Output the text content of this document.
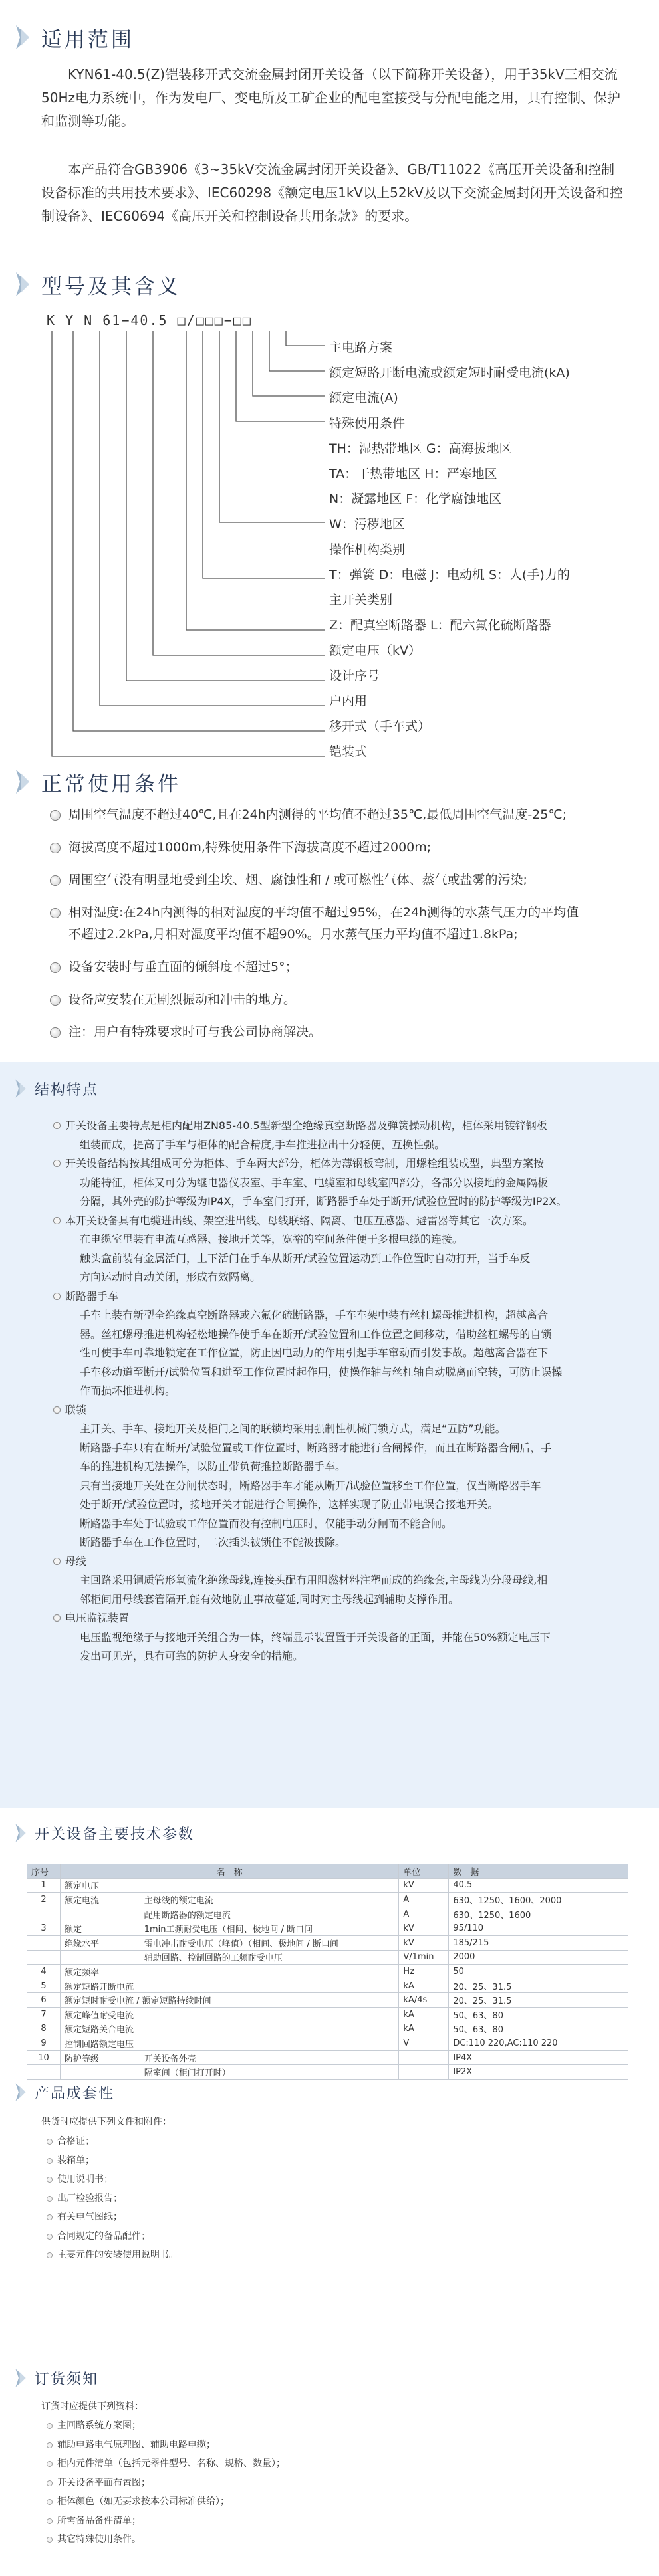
适用范围
KYN61-40.5(Z)铠装移开式交流金属封闭开关设备（以下简称开关设备），用于35kV三相交流50Hz电力系统中，作为发电厂、变电所及工矿企业的配电室接受与分配电能之用，具有控制、保护和监测等功能。
本产品符合GB3906《3~35kV交流金属封闭开关设备》、GB/T11022《高压开关设备和控制设备标准的共用技术要求》、IEC60298《额定电压1kV以上52kV及以下交流金属封闭开关设备和控制设备》、IEC60694《高压开关和控制设备共用条款》的要求。
型号及其含义
K Y N 61−40.5 □/□□□−□□
主电路方案
额定短路开断电流或额定短时耐受电流(kA)
额定电流(A)
特殊使用条件
TH：湿热带地区 G：高海拔地区
TA：干热带地区 H：严寒地区
N：凝露地区 F：化学腐蚀地区
W：污秽地区
操作机构类别
T：弹簧 D：电磁 J：电动机 S：人(手)力的
主开关类别
Z：配真空断路器 L：配六氟化硫断路器
额定电压（kV）
设计序号
户内用
移开式（手车式）
铠装式
正常使用条件
周围空气温度不超过40℃,且在24h内测得的平均值不超过35℃,最低周围空气温度-25℃;
海拔高度不超过1000m,特殊使用条件下海拔高度不超过2000m;
周围空气没有明显地受到尘埃、烟、腐蚀性和 / 或可燃性气体、蒸气或盐雾的污染;
相对湿度:在24h内测得的相对湿度的平均值不超过95%，在24h测得的水蒸气压力的平均值
不超过2.2kPa,月相对湿度平均值不超90%。月水蒸气压力平均值不超过1.8kPa;
设备安装时与垂直面的倾斜度不超过5°；
设备应安装在无剧烈振动和冲击的地方。
注：用户有特殊要求时可与我公司协商解决。
结构特点
开关设备主要特点是柜内配用ZN85-40.5型新型全绝缘真空断路器及弹簧操动机构，柜体采用镀锌钢板
组装而成，提高了手车与柜体的配合精度,手车推进拉出十分轻便，互换性强。
开关设备结构按其组成可分为柜体、手车两大部分，柜体为薄钢板弯制，用螺栓组装成型，典型方案按
功能特征，柜体又可分为继电器仪表室、手车室、电缆室和母线室四部分，各部分以接地的金属隔板
分隔，其外壳的防护等级为IP4X，手车室门打开，断路器手车处于断开/试验位置时的防护等级为IP2X。
本开关设备具有电缆进出线、架空进出线、母线联络、隔离、电压互感器、避雷器等其它一次方案。
在电缆室里装有电流互感器、接地开关等，宽裕的空间条件便于多根电缆的连接。
触头盒前装有金属活门，上下活门在手车从断开/试验位置运动到工作位置时自动打开，当手车反
方向运动时自动关闭，形成有效隔离。
断路器手车
手车上装有新型全绝缘真空断路器或六氟化硫断路器，手车车架中装有丝杠螺母推进机构，超越离合
器。丝杠螺母推进机构轻松地操作使手车在断开/试验位置和工作位置之间移动，借助丝杠螺母的自锁
性可使手车可靠地锁定在工作位置，防止因电动力的作用引起手车窜动而引发事故。超越离合器在下
手车移动道至断开/试验位置和进至工作位置时起作用，使操作轴与丝杠轴自动脱离而空转，可防止误操
作而损坏推进机构。
联锁
主开关、手车、接地开关及柜门之间的联锁均采用强制性机械门锁方式，满足“五防”功能。
断路器手车只有在断开/试验位置或工作位置时，断路器才能进行合闸操作，而且在断路器合闸后，手
车的推进机构无法操作，以防止带负荷推拉断路器手车。
只有当接地开关处在分闸状态时，断路器手车才能从断开/试验位置移至工作位置，仅当断路器手车
处于断开/试验位置时，接地开关才能进行合闸操作，这样实现了防止带电误合接地开关。
断路器手车处于试验或工作位置而没有控制电压时，仅能手动分闸而不能合闸。
断路器手车在工作位置时，二次插头被锁住不能被拔除。
母线
主回路采用铜质管形氧流化绝缘母线,连接头配有用阻燃材料注塑而成的绝缘套,主母线为分段母线,相
邻柜间用母线套管隔开,能有效地防止事故蔓延,同时对主母线起到辅助支撑作用。
电压监视装置
电压监视绝缘子与接地开关组合为一体，终端显示装置置于开关设备的正面，并能在50%额定电压下
发出可见光，具有可靠的防护人身安全的措施。
开关设备主要技术参数
序号	名　称		单位	数　据
1	额定电压		kV	40.5
2	额定电流	主母线的额定电流	A	630、1250、1600、2000
		配用断路器的额定电流	A	630、1250、1600
3	额定	1min工频耐受电压（相间、极地间 / 断口间	kV	95/110
	绝缘水平	雷电冲击耐受电压（峰值）（相间、极地间 / 断口间	kV	185/215
		辅助回路、控制回路的工频耐受电压	V/1min	2000
4	额定频率		Hz	50
5	额定短路开断电流		kA	20、25、31.5
6	额定短时耐受电流 / 额定短路持续时间		kA/4s	20、25、31.5
7	额定峰值耐受电流		kA	50、63、80
8	额定短路关合电流		kA	50、63、80
9	控制回路额定电压		V	DC:110 220,AC:110 220
10	防护等级	开关设备外壳		IP4X
		隔室间（柜门打开时）		IP2X
产品成套性
供货时应提供下列文件和附件：
合格证；
装箱单；
使用说明书；
出厂检验报告；
有关电气图纸；
合同规定的备品配件；
主要元件的安装使用说明书。
订货须知
订货时应提供下列资料：
主回路系统方案图；
辅助电路电气原理图、辅助电路电缆；
柜内元件清单（包括元器件型号、名称、规格、数量）；
开关设备平面布置图；
柜体颜色（如无要求按本公司标准供给）；
所需备品备件清单；
其它特殊使用条件。
